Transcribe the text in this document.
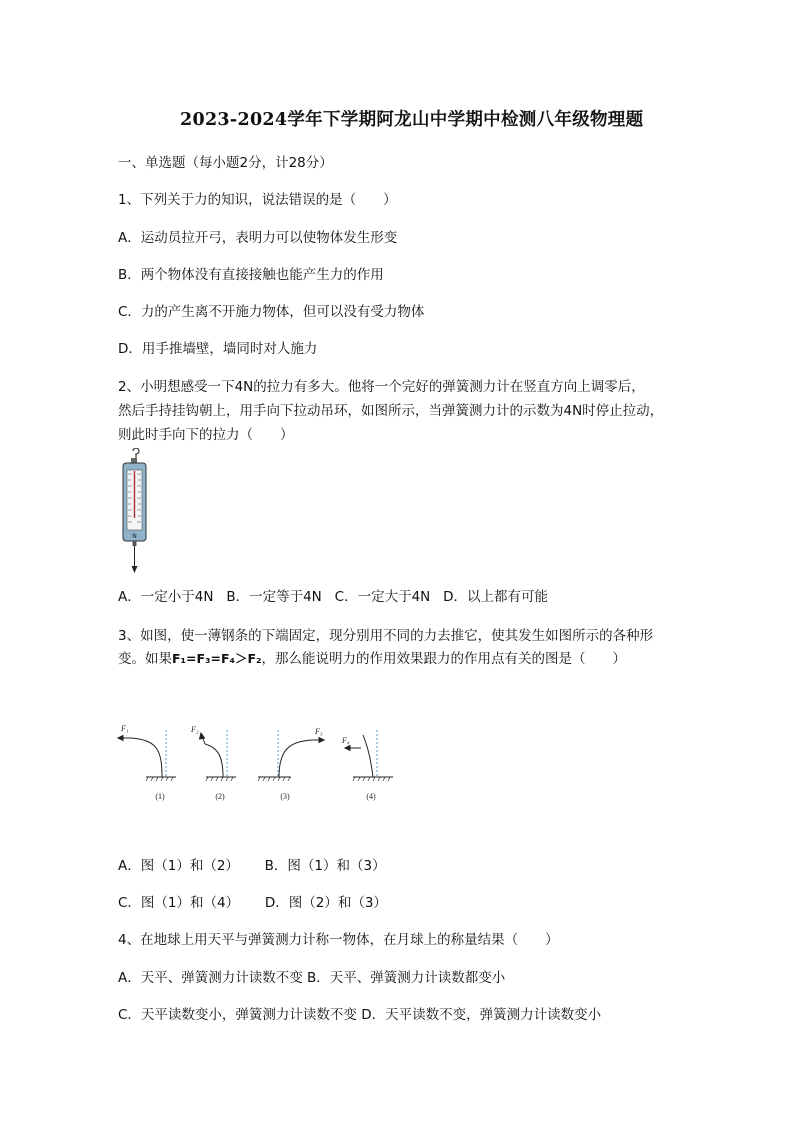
2023-2024学年下学期阿龙山中学期中检测八年级物理题
一、单选题（每小题2分，计28分）
1、下列关于力的知识，说法错误的是（　　）
A．运动员拉开弓，表明力可以使物体发生形变
B．两个物体没有直接接触也能产生力的作用
C．力的产生离不开施力物体，但可以没有受力物体
D．用手推墙壁，墙同时对人施力
2、小明想感受一下4N的拉力有多大。他将一个完好的弹簧测力计在竖直方向上调零后，
然后手持挂钩朝上，用手向下拉动吊环，如图所示，当弹簧测力计的示数为4N时停止拉动，
则此时手向下的拉力（　　）
N
A．一定小于4N B．一定等于4N C．一定大于4N D．以上都有可能
3、如图，使一薄钢条的下端固定，现分别用不同的力去推它，使其发生如图所示的各种形
变。如果F₁=F₃=F₄＞F₂，那么能说明力的作用效果跟力的作用点有关的图是（　　）
F₁	F₂	F₃
F₄
(1)	(2)	(3)	(4)
A．图（1）和（2） B．图（1）和（3）
C．图（1）和（4） D．图（2）和（3）
4、在地球上用天平与弹簧测力计称一物体，在月球上的称量结果（　　）
A．天平、弹簧测力计读数不变 B．天平、弹簧测力计读数都变小
C．天平读数变小，弹簧测力计读数不变 D．天平读数不变，弹簧测力计读数变小
